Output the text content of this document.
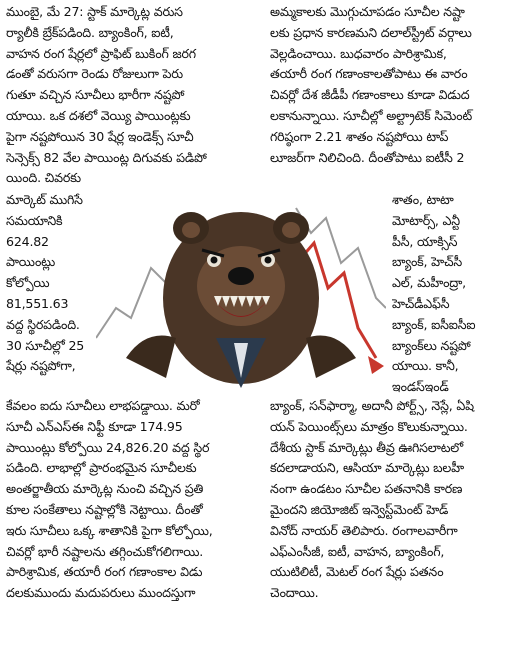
ముంబై, మే 27: స్టాక్ మార్కెట్ల వరుస
ర్యాలీకి బ్రేక్‌పడింది. బ్యాంకింగ్, ఐటీ,
వాహన రంగ షేర్లలో ప్రాఫిట్ బుకింగ్ జరగ
డంతో వరుసగా రెండు రోజులుగా పెరు
గుతూ వచ్చిన సూచీలు భారీగా నష్టపో
యాయి. ఒక దశలో వెయ్యి పాయింట్లకు
పైగా నష్టపోయిన 30 షేర్ల ఇండెక్స్ సూచీ
సెన్సెక్స్ 82 వేల పాయింట్ల దిగువకు పడిపో
యింది. చివరకు
అమ్మకాలకు మొగ్గుచూపడం సూచీల నష్టా
లకు ప్రధాన కారణమని దలాల్‌స్ట్రీట్ వర్గాలు
వెల్లడించాయి. బుధవారం పారిశ్రామిక,
తయారీ రంగ గణాంకాలతోపాటు ఈ వారం
చివర్లో దేశ జీడీపీ గణాంకాలు కూడా విడుద
లకానున్నాయి. సూచీల్లో అల్ట్రాటెక్ సిమెంట్
గరిష్ఠంగా 2.21 శాతం నష్టపోయి టాప్
లూజర్‌గా నిలిచింది. దీంతోపాటు ఐటీసీ 2
మార్కెట్ ముగిసే
సమయానికి
624.82
పాయింట్లు
కోల్పోయి
81,551.63
వద్ద స్థిరపడింది.
30 సూచీల్లో 25
షేర్లు నష్టపోగా,
శాతం, టాటా
మోటార్స్, ఎన్టీ
పీసీ, యాక్సిస్
బ్యాంక్, హెచ్‌సీ
ఎల్, మహీంద్రా,
హెచ్‌డీఎఫ్‌సీ
బ్యాంక్, ఐసీఐసీఐ
బ్యాంక్‌లు నష్టపో
యాయి. కానీ,
ఇండస్‌ఇండ్
కేవలం ఐదు సూచీలు లాభపడ్డాయి. మరో
సూచీ ఎన్‌ఎస్‌ఈ నిఫ్టీ కూడా 174.95
పాయింట్లు కోల్పోయి 24,826.20 వద్ద స్థిర
పడింది. లాభాల్లో ప్రారంభమైన సూచీలకు
అంతర్జాతీయ మార్కెట్ల నుంచి వచ్చిన ప్రతి
కూల సంకేతాలు నష్టాల్లోకి నెట్టాయి. దీంతో
ఇరు సూచీలు ఒక్క శాతానికి పైగా కోల్పోయి,
చివర్లో భారీ నష్టాలను తగ్గించుకోగలిగాయి.
పారిశ్రామిక, తయారీ రంగ గణాంకాల విడు
దలకుముందు మదుపరులు ముందస్తుగా
బ్యాంక్, సన్‌ఫార్మా, అదానీ పోర్ట్స్, నెస్లే, ఏషి
యన్ పెయింట్స్‌లు మాత్రం కొలుకున్నాయి.
దేశీయ స్టాక్ మార్కెట్లు తీవ్ర ఊగిసలాటలో
కదలాడాయని, ఆసియా మార్కెట్లు బలహీ
నంగా ఉండటం సూచీల పతనానికి కారణ
మైందని జియోజిట్ ఇన్వెస్ట్‌మెంట్ హెడ్
వినోద్ నాయర్ తెలిపారు. రంగాలవారీగా
ఎఫ్‌ఎంసీజీ, ఐటీ, వాహన, బ్యాంకింగ్,
యుటిలిటీ, మెటల్ రంగ షేర్లు పతనం
చెందాయి.
